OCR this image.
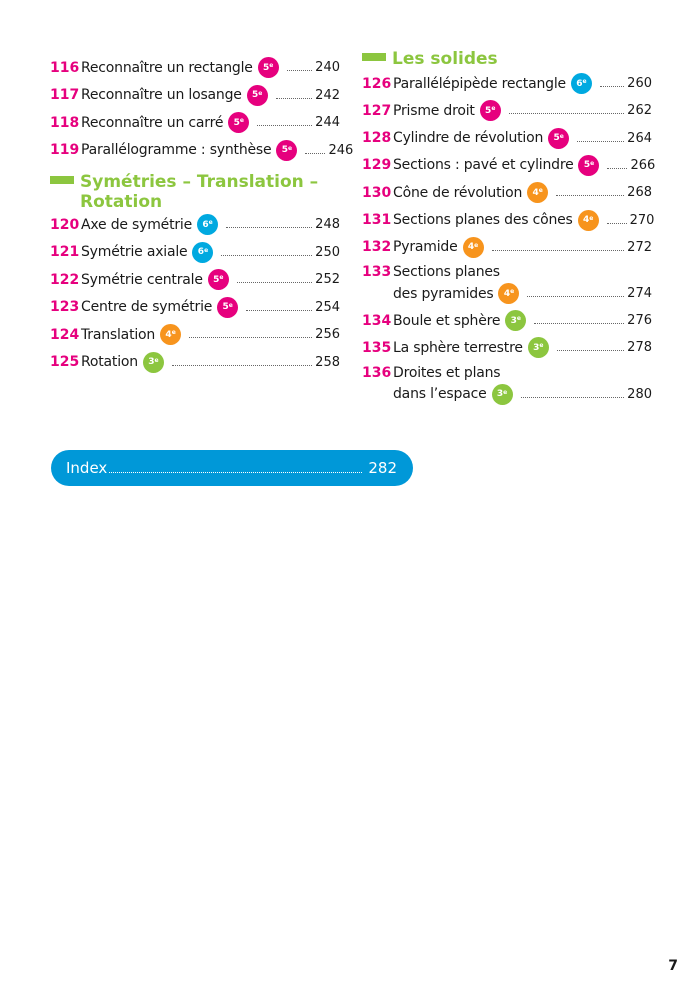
116 Reconnaître un rectangle 5 e	240
117 Reconnaître un losange 5 e	242
118 Reconnaître un carré 5 e	244
119 Parallélogramme : synthèse 5 e	246
Symétries – Translation –
Rotation
120 Axe de symétrie 6 e	248
121 Symétrie axiale 6 e	250
122 Symétrie centrale 5 e	252
123 Centre de symétrie 5 e	254
124 Translation 4 e	256
125 Rotation 3 e	258
Les solides
126 Parallélépipède rectangle 6 e	260
127 Prisme droit 5 e	262
128 Cylindre de révolution 5 e	264
129 Sections : pavé et cylindre 5 e	266
130 Cône de révolution 4 e	268
131 Sections planes des cônes 4 e	270
132 Pyramide 4 e	272
133 Sections planes
des pyramides 4 e	274
134 Boule et sphère 3 e	276
135 La sphère terrestre 3 e	278
136 Droites et plans
dans l’espace 3 e	280
Index	282
7
